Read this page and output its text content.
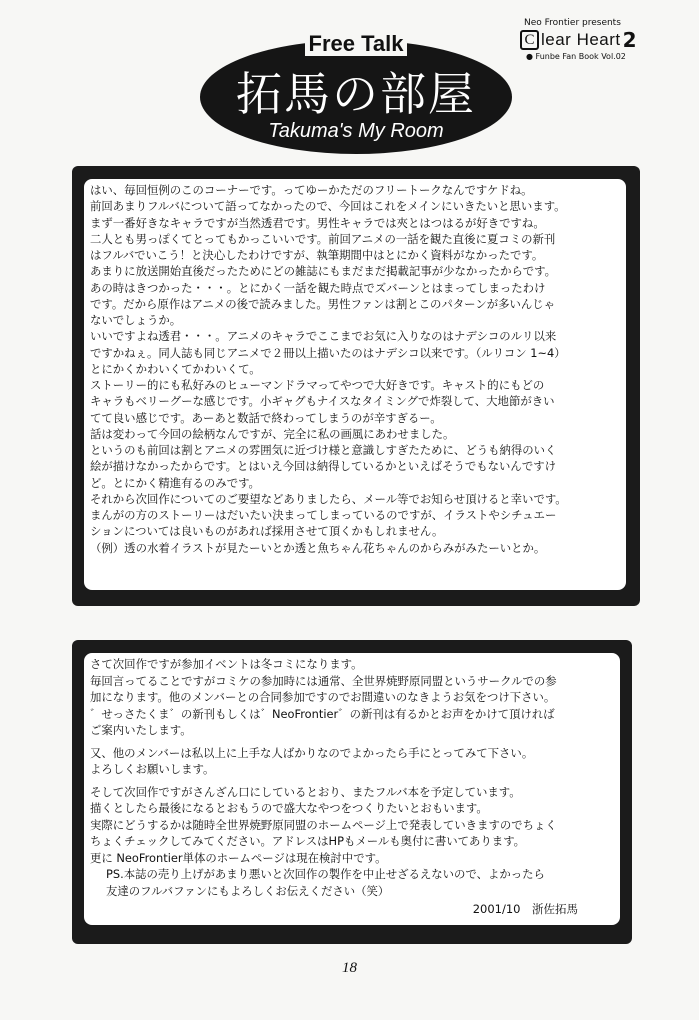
Neo Frontier presents
C lear Heart 2
● Funbe Fan Book Vol.02
Free Talk
拓馬の部屋
Takuma's My Room
はい、毎回恒例のこのコーナーです。ってゆーかただのフリートークなんですケドね。
前回あまりフルバについて語ってなかったので、今回はこれをメインにいきたいと思います。
まず一番好きなキャラですが当然透君です。男性キャラでは夾とはつはるが好きですね。
二人とも男っぽくてとってもかっこいいです。前回アニメの一話を観た直後に夏コミの新刊
はフルバでいこう！と決心したわけですが、執筆期間中はとにかく資料がなかったです。
あまりに放送開始直後だったためにどの雑誌にもまだまだ掲載記事が少なかったからです。
あの時はきつかった・・・。とにかく一話を観た時点でズバーンとはまってしまったわけ
です。だから原作はアニメの後で読みました。男性ファンは割とこのパターンが多いんじゃ
ないでしょうか。
いいですよね透君・・・。アニメのキャラでここまでお気に入りなのはナデシコのルリ以来
ですかねぇ。同人誌も同じアニメで２冊以上描いたのはナデシコ以来です。（ルリコン 1~4）
とにかくかわいくてかわいくて。
ストーリー的にも私好みのヒューマンドラマってやつで大好きです。キャスト的にもどの
キャラもベリーグーな感じです。小ギャグもナイスなタイミングで炸裂して、大地節がきい
てて良い感じです。あーあと数話で終わってしまうのが辛すぎるー。
話は変わって今回の絵柄なんですが、完全に私の画風にあわせました。
というのも前回は割とアニメの雰囲気に近づけ様と意識しすぎたために、どうも納得のいく
絵が描けなかったからです。とはいえ今回は納得しているかといえばそうでもないんですけ
ど。とにかく精進有るのみです。
それから次回作についてのご要望などありましたら、メール等でお知らせ頂けると幸いです。
まんがの方のストーリーはだいたい決まってしまっているのですが、イラストやシチュエー
ションについては良いものがあれば採用させて頂くかもしれません。
（例）透の水着イラストが見たーいとか透と魚ちゃん花ちゃんのからみがみたーいとか。
さて次回作ですが参加イベントは冬コミになります。
毎回言ってることですがコミケの参加時には通常、全世界焼野原同盟というサークルでの参
加になります。他のメンバーとの合同参加ですのでお間違いのなきようお気をつけ下さい。
゛せっさたくま゛の新刊もしくは゛NeoFrontier゛の新刊は有るかとお声をかけて頂ければ
ご案内いたします。
又、他のメンバーは私以上に上手な人ばかりなのでよかったら手にとってみて下さい。
よろしくお願いします。
そして次回作ですがさんざん口にしているとおり、またフルバ本を予定しています。
描くとしたら最後になるとおもうので盛大なやつをつくりたいとおもいます。
実際にどうするかは随時全世界焼野原同盟のホームページ上で発表していきますのでちょく
ちょくチェックしてみてください。アドレスはHPもメールも奥付に書いてあります。
更に NeoFrontier単体のホームページは現在検討中です。
PS.本誌の売り上げがあまり悪いと次回作の製作を中止せざるえないので、よかったら
友達のフルバファンにもよろしくお伝えください（笑）
2001/10　浙佐拓馬
18
